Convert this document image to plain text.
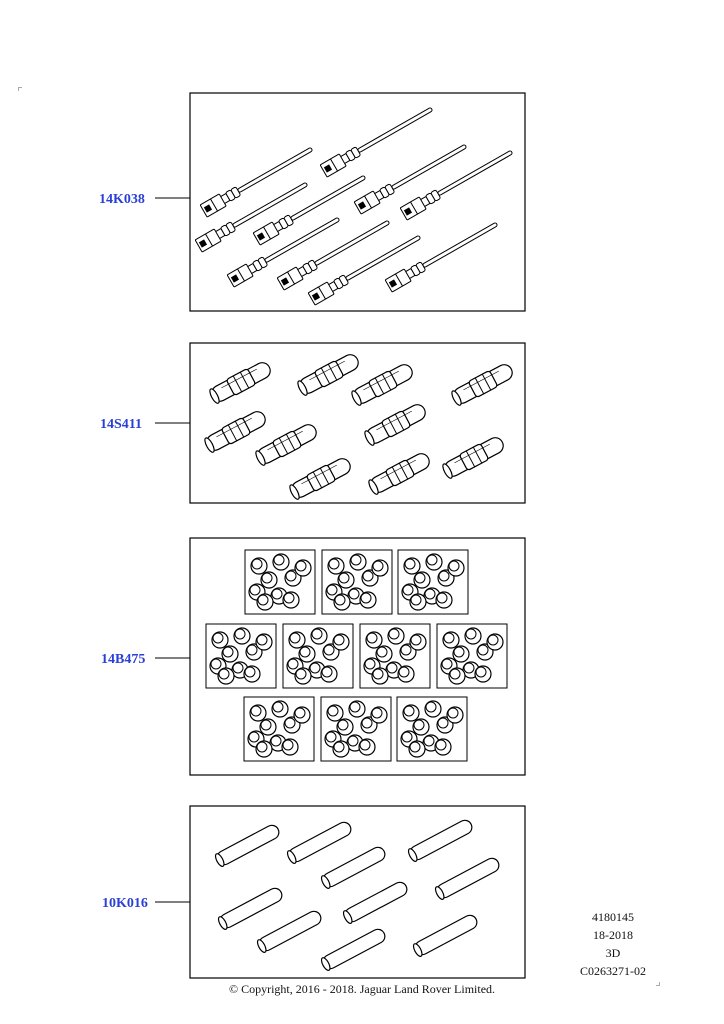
14K038
14S411
14B475
10K016
4180145
18-2018
3D
C0263271-02
© Copyright, 2016 - 2018. Jaguar Land Rover Limited.
